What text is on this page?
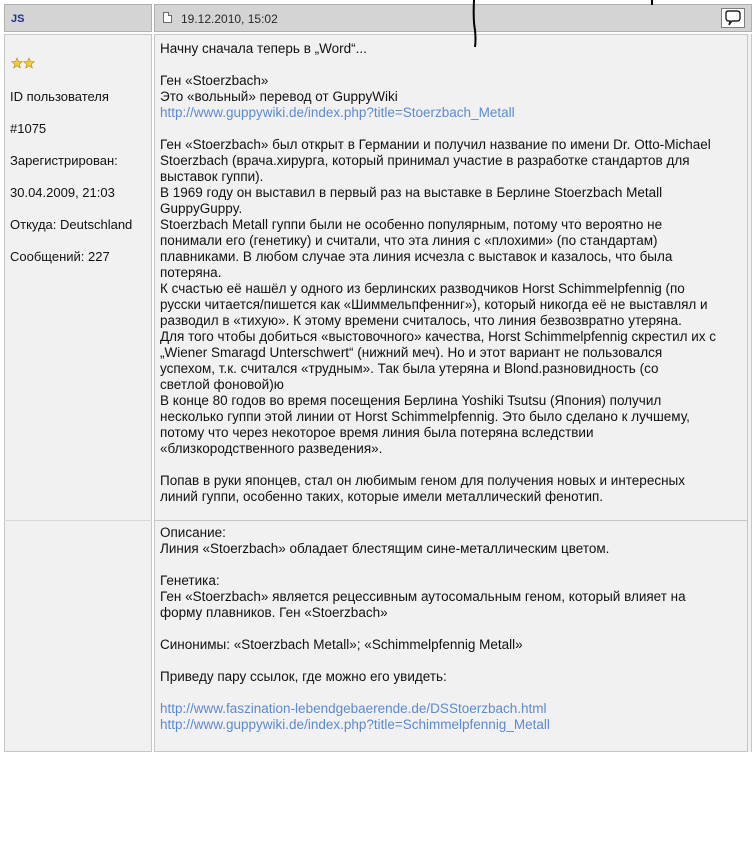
JS	19.12.2010, 15:02

ID пользователя

#1075

Зарегистрирован:

30.04.2009, 21:03

Откуда: Deutschland

Сообщений: 227

Начну сначала теперь в „Word“...

Ген «Stoerzbach»

Это «вольный» перевод от GuppyWiki

http://www.guppywiki.de/index.php?title=Stoerzbach_Metall

Ген «Stoerzbach» был открыт в Германии и получил название по имени Dr. Otto-Michael

Stoerzbach (врача.хирурга, который принимал участие в разработке стандартов для

выставок гуппи).

В 1969 году он выставил в первый раз на выставке в Берлине Stoerzbach Metall

GuppyGuppy.

Stoerzbach Metall гуппи были не особенно популярным, потому что вероятно не

понимали его (генетику) и считали, что эта линия с «плохими» (по стандартам)

плавниками. В любом случае эта линия исчезла с выставок и казалось, что была

потеряна.

К счастью её нашёл у одного из берлинских разводчиков Horst Schimmelpfennig (по

русски читается/пишется как «Шиммельпфенниг»), который никогда её не выставлял и

разводил в «тихую». К этому времени считалось, что линия безвозвратно утеряна.

Для того чтобы добиться «выстовочного» качества, Horst Schimmelpfennig скрестил их с

„Wiener Smaragd Unterschwert“ (нижний меч). Но и этот вариант не пользовался

успехом, т.к. считался «трудным». Так была утеряна и Blond.разновидность (со

светлой фоновой)ю

В конце 80 годов во время посещения Берлина Yoshiki Tsutsu (Япония) получил

несколько гуппи этой линии от Horst Schimmelpfennig. Это было сделано к лучшему,

потому что через некоторое время линия была потеряна вследствии

«близкородственного разведения».

Попав в руки японцев, стал он любимым геном для получения новых и интересных

линий гуппи, особенно таких, которые имели металлический фенотип.

Описание:

Линия «Stoerzbach» обладает блестящим сине-металлическим цветом.

Генетика:

Ген «Stoerzbach» является рецессивным аутосомальным геном, который влияет на

форму плавников. Ген «Stoerzbach»

Синонимы: «Stoerzbach Metall»; «Schimmelpfennig Metall»

Приведу пару ссылок, где можно его увидеть:

http://www.faszination-lebendgebaerende.de/DSStoerzbach.html

http://www.guppywiki.de/index.php?title=Schimmelpfennig_Metall
